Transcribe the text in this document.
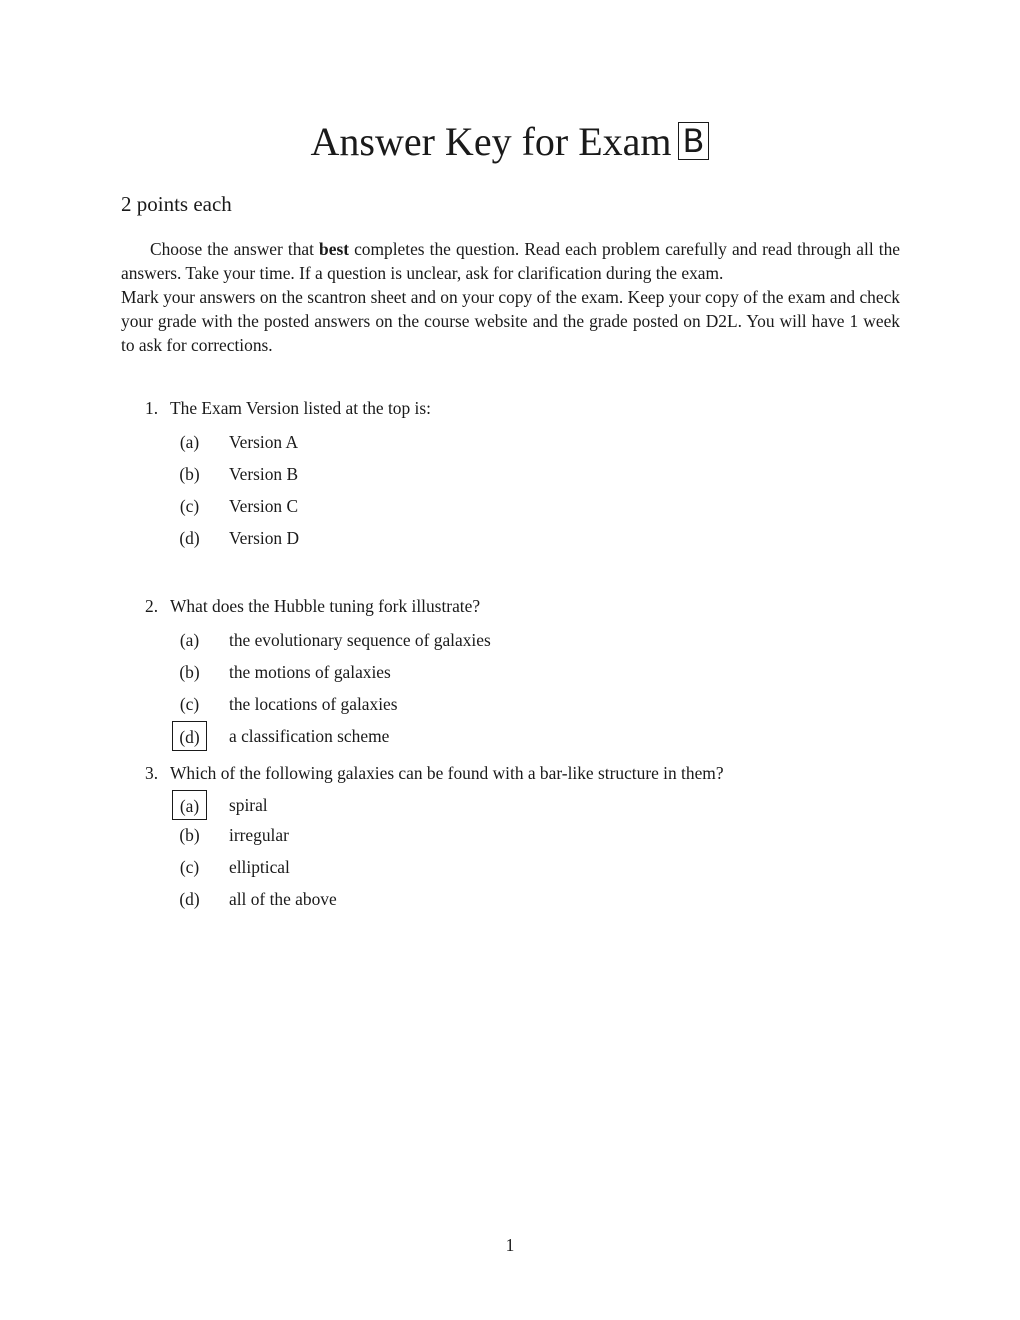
Answer Key for Exam B
2 points each

Choose the answer that best completes the question. Read each problem carefully and read through all the answers. Take your time. If a question is unclear, ask for clarification during the exam.

Mark your answers on the scantron sheet and on your copy of the exam. Keep your copy of the exam and check your grade with the posted answers on the course website and the grade posted on D2L. You will have 1 week to ask for corrections.

1. The Exam Version listed at the top is:
(a) Version A
(b) Version B
(c) Version C
(d) Version D
2. What does the Hubble tuning fork illustrate?
(a) the evolutionary sequence of galaxies
(b) the motions of galaxies
(c) the locations of galaxies
(d) a classification scheme
3. Which of the following galaxies can be found with a bar-like structure in them?
(a) spiral
(b) irregular
(c) elliptical
(d) all of the above
1
